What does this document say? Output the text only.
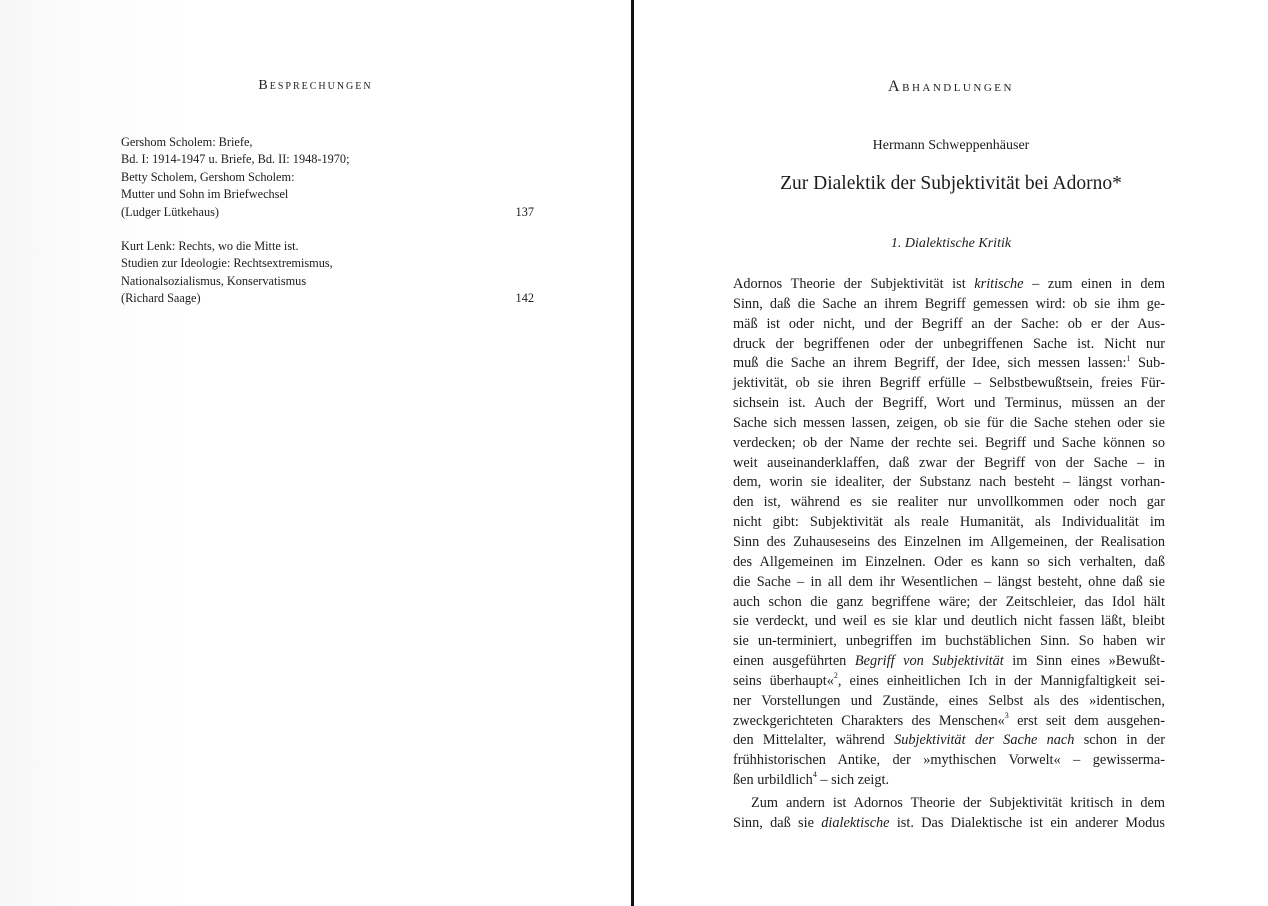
Besprechungen
Gershom Scholem: Briefe,
Bd. I: 1914-1947 u. Briefe, Bd. II: 1948-1970;
Betty Scholem, Gershom Scholem:
Mutter und Sohn im Briefwechsel
(Ludger Lütkehaus)	137
Kurt Lenk: Rechts, wo die Mitte ist.
Studien zur Ideologie: Rechtsextremismus,
Nationalsozialismus, Konservatismus
(Richard Saage)	142
Abhandlungen
Hermann Schweppenhäuser
Zur Dialektik der Subjektivität bei Adorno*
1. Dialektische Kritik
Adornos Theorie der Subjektivität ist kritische – zum einen in dem
Sinn, daß die Sache an ihrem Begriff gemessen wird: ob sie ihm ge-
mäß ist oder nicht, und der Begriff an der Sache: ob er der Aus-
druck der begriffenen oder der unbegriffenen Sache ist. Nicht nur
muß die Sache an ihrem Begriff, der Idee, sich messen lassen:$^1$ Sub-
jektivität, ob sie ihren Begriff erfülle – Selbstbewußtsein, freies Für-
sichsein ist. Auch der Begriff, Wort und Terminus, müssen an der
Sache sich messen lassen, zeigen, ob sie für die Sache stehen oder sie
verdecken; ob der Name der rechte sei. Begriff und Sache können so
weit auseinanderklaffen, daß zwar der Begriff von der Sache – in
dem, worin sie idealiter, der Substanz nach besteht – längst vorhan-
den ist, während es sie realiter nur unvollkommen oder noch gar
nicht gibt: Subjektivität als reale Humanität, als Individualität im
Sinn des Zuhauseseins des Einzelnen im Allgemeinen, der Realisation
des Allgemeinen im Einzelnen. Oder es kann so sich verhalten, daß
die Sache – in all dem ihr Wesentlichen – längst besteht, ohne daß sie
auch schon die ganz begriffene wäre; der Zeitschleier, das Idol hält
sie verdeckt, und weil es sie klar und deutlich nicht fassen läßt, bleibt
sie un-terminiert, unbegriffen im buchstäblichen Sinn. So haben wir
einen ausgeführten Begriff von Subjektivität im Sinn eines »Bewußt-
seins überhaupt«$^2$, eines einheitlichen Ich in der Mannigfaltigkeit sei-
ner Vorstellungen und Zustände, eines Selbst als des »identischen,
zweckgerichteten Charakters des Menschen«$^3$ erst seit dem ausgehen-
den Mittelalter, während Subjektivität der Sache nach schon in der
frühhistorischen Antike, der »mythischen Vorwelt« – gewisserma-
ßen urbildlich$^4$ – sich zeigt.
Zum andern ist Adornos Theorie der Subjektivität kritisch in dem
Sinn, daß sie dialektische ist. Das Dialektische ist ein anderer Modus
